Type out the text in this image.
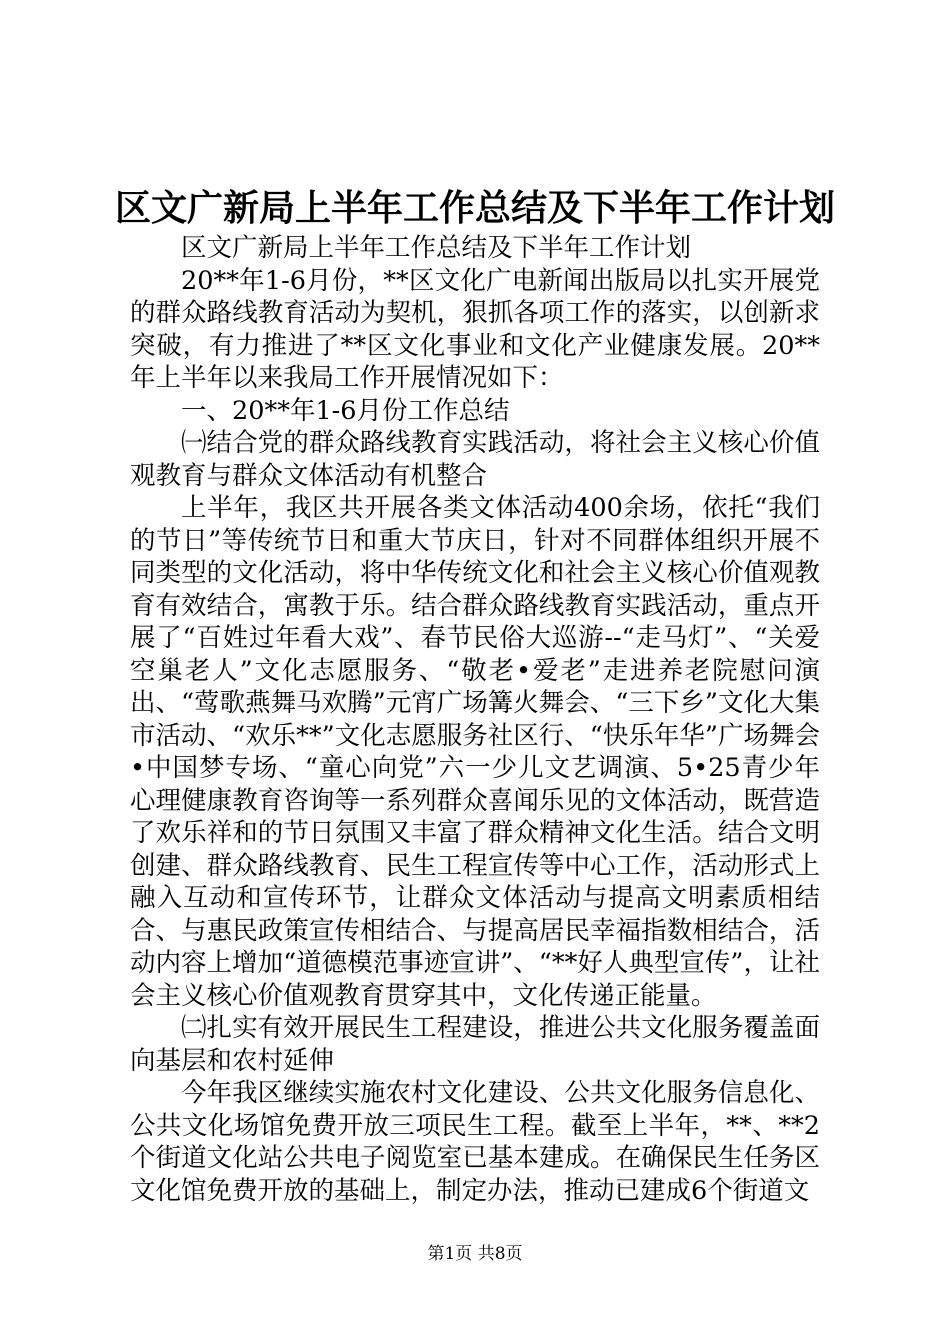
区文广新局上半年工作总结及下半年工作计划

区文广新局上半年工作总结及下半年工作计划

20**年1-6月份，**区文化广电新闻出版局以扎实开展党的群众路线教育活动为契机，狠抓各项工作的落实，以创新求突破，有力推进了**区文化事业和文化产业健康发展。20**年上半年以来我局工作开展情况如下：

一、20**年1-6月份工作总结

㈠结合党的群众路线教育实践活动，将社会主义核心价值观教育与群众文体活动有机整合

上半年，我区共开展各类文体活动400余场，依托“我们的节日”等传统节日和重大节庆日，针对不同群体组织开展不同类型的文化活动，将中华传统文化和社会主义核心价值观教育有效结合，寓教于乐。结合群众路线教育实践活动，重点开展了“百姓过年看大戏”、春节民俗大巡游--“走马灯”、“关爱空巢老人”文化志愿服务、“敬老•爱老”走进养老院慰问演出、“莺歌燕舞马欢腾”元宵广场篝火舞会、“三下乡”文化大集市活动、“欢乐**”文化志愿服务社区行、“快乐年华”广场舞会•中国梦专场、“童心向党”六一少儿文艺调演、5•25青少年心理健康教育咨询等一系列群众喜闻乐见的文体活动，既营造了欢乐祥和的节日氛围又丰富了群众精神文化生活。结合文明创建、群众路线教育、民生工程宣传等中心工作，活动形式上融入互动和宣传环节，让群众文体活动与提高文明素质相结合、与惠民政策宣传相结合、与提高居民幸福指数相结合，活动内容上增加“道德模范事迹宣讲”、“**好人典型宣传”，让社会主义核心价值观教育贯穿其中，文化传递正能量。

㈡扎实有效开展民生工程建设，推进公共文化服务覆盖面向基层和农村延伸

今年我区继续实施农村文化建设、公共文化服务信息化、公共文化场馆免费开放三项民生工程。截至上半年，**、**2个街道文化站公共电子阅览室已基本建成。在确保民生任务区文化馆免费开放的基础上，制定办法，推动已建成6个街道文

第1页 共8页
